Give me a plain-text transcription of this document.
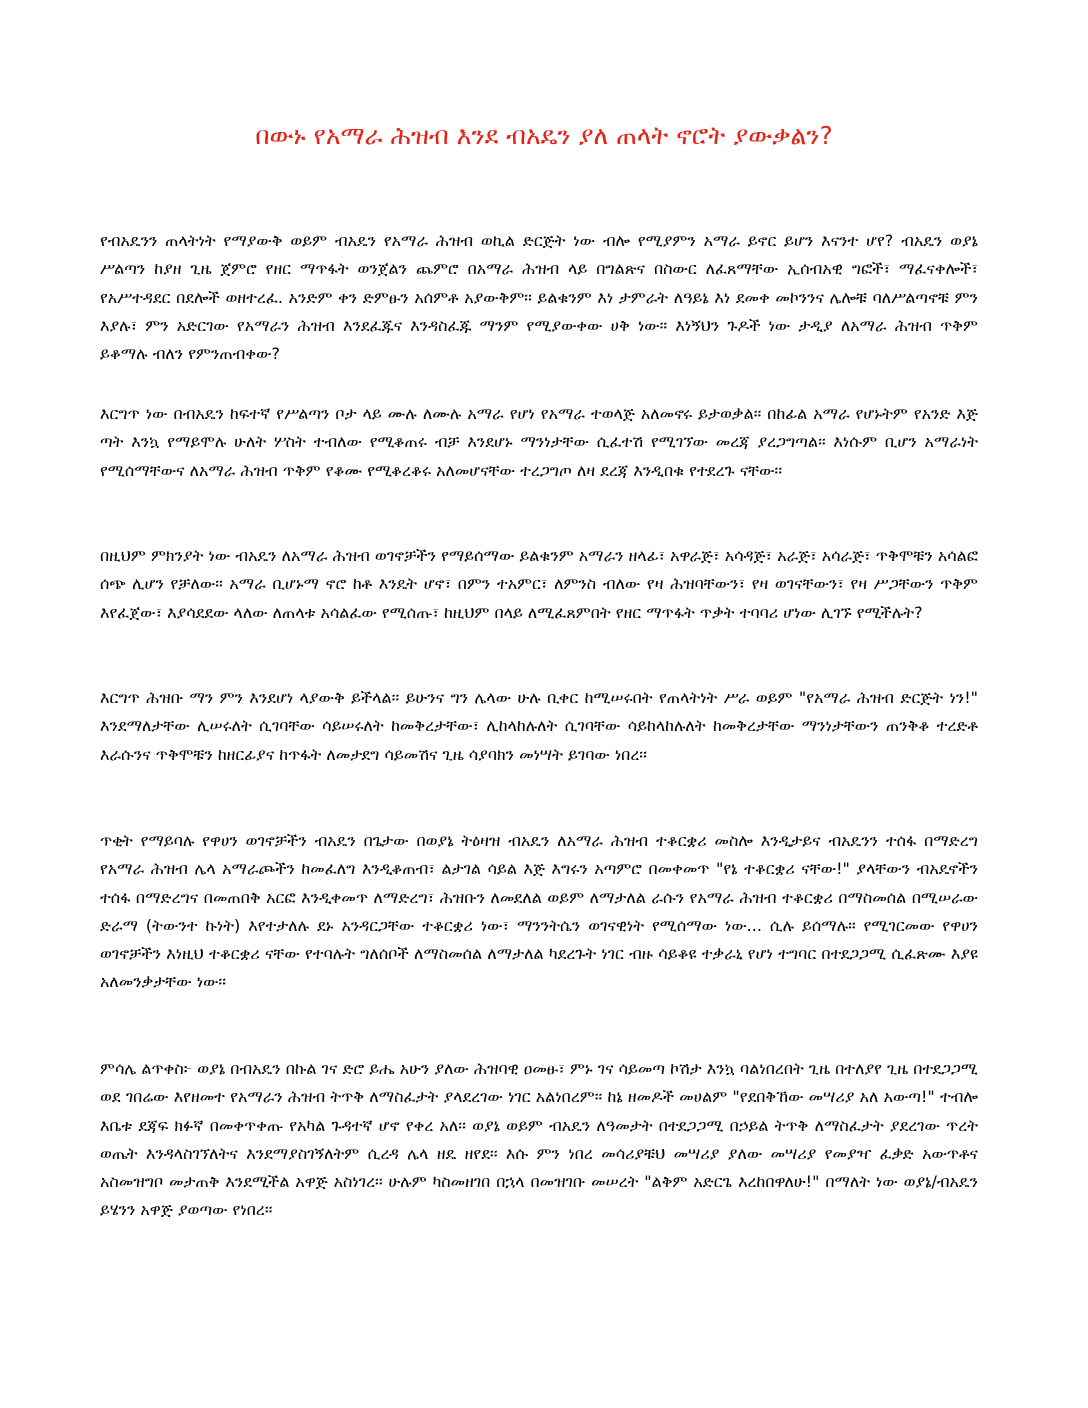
በውኑ የአማራ ሕዝብ እንደ ብአዴን ያለ ጠላት ኖሮት ያውቃልን?

የብአዴንን ጠላትነት የማያውቅ ወይም ብአዴን የአማራ ሕዝብ ወኪል ድርጅት ነው ብሎ የሚያምን አማራ ይኖር ይሆን እናንተ ሆየ? ብአዴን ወያኔ ሥልጣን ከያዘ ጊዜ ጀምሮ የዘር ማጥፋት ወንጀልን ጨምሮ በአማራ ሕዝብ ላይ በግልጽና በስውር ለፈጸማቸው ኢሰብአዊ ግፎች፣ ማፈናቀሎች፣ የአሥተዳደር በደሎች ወዘተረፈ. አንድም ቀን ድምፁን አሰምቶ አያውቅም፡፡ ይልቁንም እነ ታምራት ለዓይኔ እነ ደመቀ መኮንንና ሌሎቹ ባለሥልጣኖቹ ምን እያሉ፣ ምን አድርገው የአማራን ሕዝብ እንደፈጁና እንዳስፈጁ ማንም የሚያውቀው ሀቅ ነው፡፡ እነኝህን ጉዶች ነው ታዲያ ለአማራ ሕዝብ ጥቅም ይቆማሉ ብለን የምንጠብቀው?

እርግጥ ነው በብአዴን ከፍተኛ የሥልጣን ቦታ ላይ ሙሉ ለሙሉ አማራ የሆነ የአማራ ተወላጅ አለመኖሩ ይታወቃል፡፡ በከፊል አማራ የሆኑትም የአንድ እጅ ጣት እንኳ የማይሞሉ ሁለት ሦስት ተብለው የሚቆጠሩ ብቻ እንደሆኑ ማንነታቸው ሲፈተሽ የሚገኘው መረጃ ያረጋግጣል፡፡ እነሱም ቢሆን አማራነት የሚሰማቸውና ለአማራ ሕዝብ ጥቅም የቆሙ የሚቆረቆሩ አለመሆናቸው ተረጋግጦ ለዛ ደረጃ እንዲበቁ የተደረጉ ናቸው፡፡

በዚህም ምክንያት ነው ብአዴን ለአማራ ሕዝብ ወገኖቻችን የማይሰማው ይልቁንም አማራን ዘላፊ፣ አዋራጅ፣ አሳዳጅ፣ አራጅ፣ አሳራጅ፣ ጥቅሞቹን አሳልፎ ሰጭ ሊሆን የቻለው፡፡ አማራ ቢሆኑማ ኖሮ ከቶ እንዴት ሆኖ፣ በምን ተአምር፣ ለምንስ ብለው የዛ ሕዝባቸውን፣ የዛ ወገናቸውን፣ የዛ ሥጋቸውን ጥቅም እየፈጀው፣ እያሳደደው ላለው ለጠላቱ አሳልፈው የሚሰጡ፣ ከዚህም በላይ ለሚፈጸምበት የዘር ማጥፋት ጥቃት ተባባሪ ሆነው ሊገኙ የሚችሉት?

እርግጥ ሕዝቡ ማን ምን እንደሆነ ላያውቅ ይችላል፡፡ ይሁንና ግን ሌላው ሁሉ ቢቀር ከሚሠሩበት የጠላትነት ሥራ ወይም "የአማራ ሕዝብ ድርጅት ነን!" እንደማለታቸው ሊሠሩለት ሲገባቸው ሳይሠሩለት ከመቅረታቸው፣ ሊከላከሉለት ሲገባቸው ሳይከላከሉለት ከመቅረታቸው ማንነታቸውን ጠንቅቆ ተረድቶ እራሱንና ጥቅሞቹን ከዘርፊያና ከጥፋት ለመታደግ ሳይመሽና ጊዜ ሳያባክን መነሣት ይገባው ነበረ፡፡

ጥቂት የማይባሉ የዋሀን ወገኖቻችን ብአዴን በጌታው በወያኔ ትዕዛዝ ብአዴን ለአማራ ሕዝብ ተቆርቋሪ መስሎ እንዲታይና ብአዴንን ተሰፋ በማድረግ የአማራ ሕዝብ ሌላ አማራጮችን ከመፈለግ እንዲቆጠብ፣ ልታገል ሳይል እጅ እግሩን አጣምሮ በመቀመጥ "የኔ ተቆርቋሪ ናቸው!" ያላቸውን ብአዴኖችን ተሰፋ በማድረግና በመጠበቅ አርፎ እንዲቀመጥ ለማድረግ፣ ሕዝቡን ለመደለል ወይም ለማታለል ራሱን የአማራ ሕዝብ ተቆርቋሪ በማስመሰል በሚሠራው ድራማ (ትውንተ ኩነት) እየተታለሉ ደኑ አንዳርጋቸው ተቆርቋሪ ነው፣ ማንንትሴን ወገናዊነት የሚሰማው ነው... ሲሉ ይሰማሉ፡፡ የሚገርመው የዋሀን ወገኖቻችን እነዚህ ተቆርቋሪ ናቸው የተባሉት ግለሰቦች ለማስመሰል ለማታለል ካደረጉት ነገር ብዙ ሳይቆዩ ተቃራኒ የሆነ ተግባር በተደጋጋሚ ሲፈጽሙ እያዩ አለመንቃታቸው ነው፡፡

ምሳሌ ልጥቀስ፦ ወያኔ በብአዴን በኩል ገና ድሮ ይሔ አሁን ያለው ሕዝባዊ ዐመፁ፣ ምኑ ገና ሳይመጣ ኮሽታ እንኳ ባልነበረበት ጊዜ በተለያየ ጊዜ በተደጋጋሚ ወደ ገበሬው እየዘመተ የአማራን ሕዝብ ትጥቅ ለማስፈታት ያላደረገው ነገር አልነበረም፡፡ ከኔ ዘመዶች መሀልም "የደበቅኸው መሣሪያ አለ አውጣ!" ተብሎ እቤቱ ደጃፍ ክፉኛ በመቀጥቀጡ የአካል ጉዳተኛ ሆኖ የቀረ አለ፡፡ ወያኔ ወይም ብአዴን ለዓመታት በተደጋጋሚ በኃይል ትጥቅ ለማስፈታት ያደረገው ጥረት ወጤት እንዳላስገኘለትና እንደማያስገኝለትም ሲረዳ ሌላ ዘዴ ዘየደ፡፡ እሱ ምን ነበረ መሳሪያቹህ መሣሪያ ያለው መሣሪያ የመያዣ ፈቃድ አውጥቶና አስመዝግቦ መታጠቅ እንደሚችል አዋጅ አስነገረ፡፡ ሁሉም ካስመዘገበ በኋላ በመዝገቡ መሠረት "ልቅም አድርጌ እረከበዋለሁ!" በማለት ነው ወያኔ/ብአዴን ይሄንን አዋጅ ያወጣው የነበረ፡፡
